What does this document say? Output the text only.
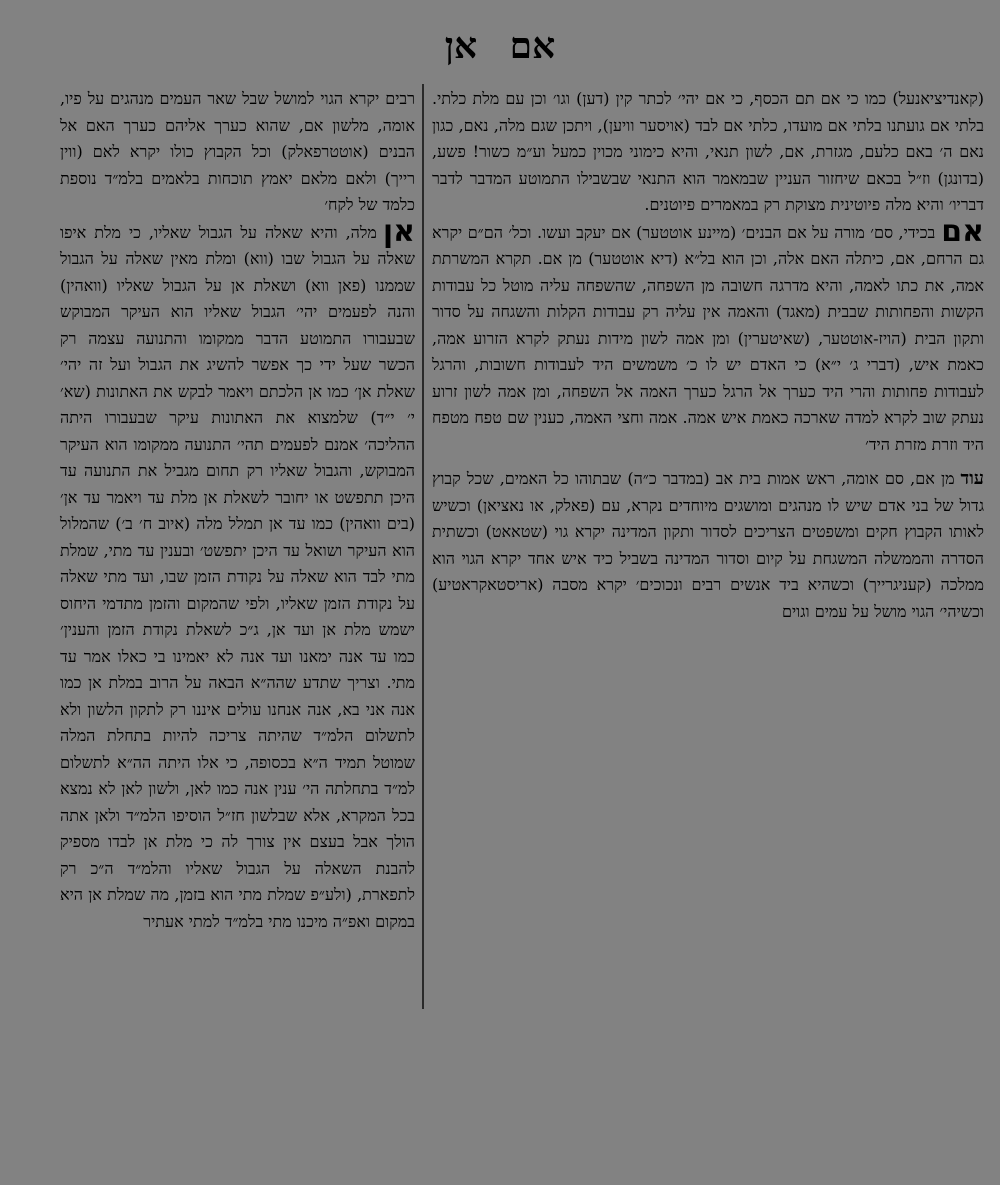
אם אן

(קאנדיציאנעל) כמו כי אם תם הכסף, כי אם יהי׳ לכתר קין (דען) וגו׳ וכן עם מלת כלתי. בלתי אם גועתנו בלתי אם מועדו, כלתי אם לבד (אויסער וויען), ויתכן שגם מלה, נאם, כגון נאם ה׳ באם כלעם, מגזרת, אם, לשון תנאי, והיא כימוני מכוין כמעל וע״מ כשור! פשע, (בדונגן) וז״ל בכאם שיחזור העניין שבמאמר הוא התנאי שבשבילו התמוטע המדבר לדבר דבריו׳ והיא מלה פיוטינית מצוקת רק במאמרים פיוטנים.

אםבכידי, סם׳ מורה על אם הבנים׳ (מיינע אוטטער) אם יעקב ועשו. וכל׳ הם״ם יקרא גם הרחם, אם, כיתלה האם אלה, וכן הוא בל״א (דיא אוטטער) מן אם. תקרא המשרתת אמה, את כתו לאמה, והיא מדרגה חשובה מן השפחה, שהשפחה עליה מוטל כל עבודות הקשות והפחותות שבבית (מאגד) והאמה אין עליה רק עבודות הקלות והשגחה על סדור ותקון הבית (הויז-אוטטער, (שאיטערין) ומן אמה לשון מידות נעתק לקרא הזרוע אמה, כאמת איש, (דברי ג׳ י״א) כי האדם יש לו כ׳ משמשים היד לעבודות חשובות, והרגל לעבודות פחותות והרי היד כערך אל הרגל כערך האמה אל השפחה, ומן אמה לשון זרוע נעתק שוב לקרא למדה שארכה כאמת איש אמה. אמה וחצי האמה, כענין שם טפח מטפח היד וזרת מזרת היד׳

עודמן אם, סם אומה, ראש אמות בית אב (במדבר כ״ה) שבתוהו כל האמים, שכל קבוץ גדול של בני אדם שיש לו מנהגים ומושגים מיוחדים נקרא, עם (פאלק, או נאציאן) וכשיש לאותו הקבוץ חקים ומשפטים הצריכים לסדור ותקון המדינה יקרא גוי (שטאאט) וכשתית הסדרה והממשלה המשגחת על קיום וסדור המדינה בשביל כיד איש אחד יקרא הגוי הוא ממלכה (קעניגרייך) וכשהיא ביד אנשים רבים ונכוכים׳ יקרא מסבה (אריסטאקראטיע) וכשיהי׳ הגוי מושל על עמים וגוים

רבים יקרא הגוי למושל שבל שאר העמים מנהגים על פיו, אומה, מלשון אם, שהוא כערך אליהם כערך האם אל הבנים (אוטטרפאלק) וכל הקבוץ כולו יקרא לאם (ווין רייך) ולאם מלאם יאמץ תוכחות בלאמים בלמ״ד נוספת כלמד של לקח׳

אןמלה, והיא שאלה על הגבול שאליו, כי מלת איפו שאלה על הגבול שבו (ווא) ומלת מאין שאלה על הגבול שממנו (פאן ווא) ושאלת אן על הגבול שאליו (וואהין) והנה לפעמים יהי׳ הגבול שאליו הוא העיקר המבוקש שבעבורו התמוטע הדבר ממקומו והתנועה עצמה רק הכשר שעל ידי כך אפשר להשיג את הגבול ועל זה יהי׳ שאלת אן׳ כמו אן הלכתם ויאמר לבקש את האתונות (שא׳ י׳ י״ד) שלמצוא את האתונות עיקר שבעבורו היתה ההליכה׳ אמנם לפעמים תהי׳ התנועה ממקומו הוא העיקר המבוקש, והגבול שאליו רק תחום מגביל את התנועה עד היכן תתפשט או יחובר לשאלת אן מלת עד ויאמר עד אן׳ (בים וואהין) כמו עד אן תמלל מלה (איוב ח׳ ב׳) שהמלול הוא העיקר ושואל עד היכן יתפשט׳ ובענין עד מתי, שמלת מתי לבד הוא שאלה על נקודת הזמן שבו, ועד מתי שאלה על נקודת הזמן שאליו, ולפי שהמקום והזמן מתדמי היחוס ישמש מלת אן ועד אן, ג״כ לשאלת נקודת הזמן והענין׳ כמו עד אנה ימאנו ועד אנה לא יאמינו בי כאלו אמר עד מתי. וצריך שתדע שהה״א הבאה על הרוב במלת אן כמו אנה אני בא, אנה אנחנו עולים איננו רק לתקון הלשון ולא לתשלום הלמ״ד שהיתה צריכה להיות בתחלת המלה שמוטל תמיד ה״א בכסופה, כי אלו היתה הה״א לתשלום למ״ד בתחלתה הי׳ ענין אנה כמו לאן, ולשון לאן לא נמצא בכל המקרא, אלא שבלשון חז״ל הוסיפו הלמ״ד ולאן אתה הולך אבל בעצם אין צורך לה כי מלת אן לבדו מספיק להבנת השאלה על הגבול שאליו והלמ״ד ה״כ רק לתפארת, (ולע״פ שמלת מתי הוא בזמן, מה שמלת אן היא במקום ואפ״ה מיכנו מתי בלמ״ד למתי אעתיר
